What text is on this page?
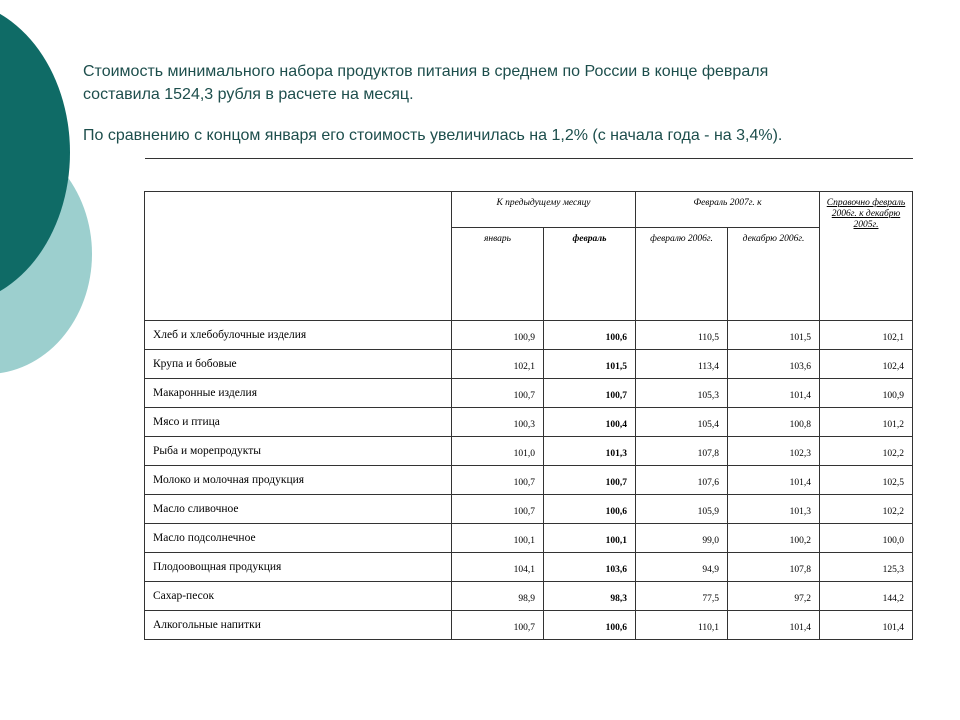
Стоимость минимального набора продуктов питания в среднем по России в конце февраля

составила 1524,3 рубля в расчете на месяц.

По сравнению с концом января его стоимость увеличилась на 1,2% (с начала года - на 3,4%).

	К предыдущему месяцу		Февраль 2007г. к		Справочно февраль 2006г. к декабрю 2005г.
	январь	февраль	февралю 2006г.	декабрю 2006г.	
Хлеб и хлебобулочные изделия	100,9	100,6	110,5	101,5	102,1
Крупа и бобовые	102,1	101,5	113,4	103,6	102,4
Макаронные изделия	100,7	100,7	105,3	101,4	100,9
Мясо и птица	100,3	100,4	105,4	100,8	101,2
Рыба и морепродукты	101,0	101,3	107,8	102,3	102,2
Молоко и молочная продукция	100,7	100,7	107,6	101,4	102,5
Масло сливочное	100,7	100,6	105,9	101,3	102,2
Масло подсолнечное	100,1	100,1	99,0	100,2	100,0
Плодоовощная продукция	104,1	103,6	94,9	107,8	125,3
Сахар-песок	98,9	98,3	77,5	97,2	144,2
Алкогольные напитки	100,7	100,6	110,1	101,4	101,4
